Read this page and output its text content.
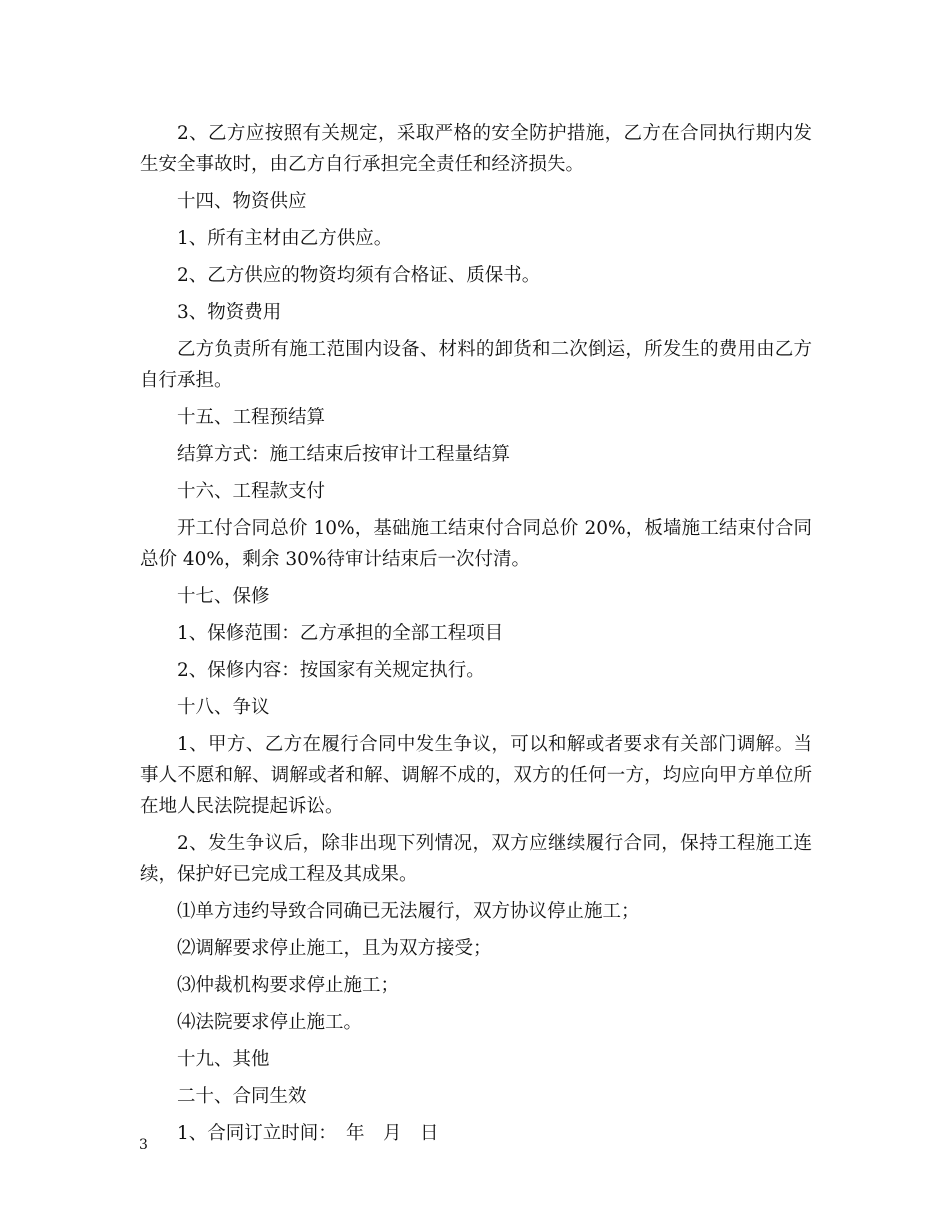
2、乙方应按照有关规定，采取严格的安全防护措施，乙方在合同执行期内发生安全事故时，由乙方自行承担完全责任和经济损失。

十四、物资供应

1、所有主材由乙方供应。

2、乙方供应的物资均须有合格证、质保书。

3、物资费用

乙方负责所有施工范围内设备、材料的卸货和二次倒运，所发生的费用由乙方自行承担。

十五、工程预结算

结算方式：施工结束后按审计工程量结算

十六、工程款支付

开工付合同总价 10%，基础施工结束付合同总价 20%，板墙施工结束付合同总价 40%，剩余 30%待审计结束后一次付清。

十七、保修

1、保修范围：乙方承担的全部工程项目

2、保修内容：按国家有关规定执行。

十八、争议

1、甲方、乙方在履行合同中发生争议，可以和解或者要求有关部门调解。当事人不愿和解、调解或者和解、调解不成的，双方的任何一方，均应向甲方单位所在地人民法院提起诉讼。

2、发生争议后，除非出现下列情况，双方应继续履行合同，保持工程施工连续，保护好已完成工程及其成果。

⑴单方违约导致合同确已无法履行，双方协议停止施工；

⑵调解要求停止施工，且为双方接受；

⑶仲裁机构要求停止施工；

⑷法院要求停止施工。

十九、其他

二十、合同生效

1、合同订立时间：　年　月　日

3
